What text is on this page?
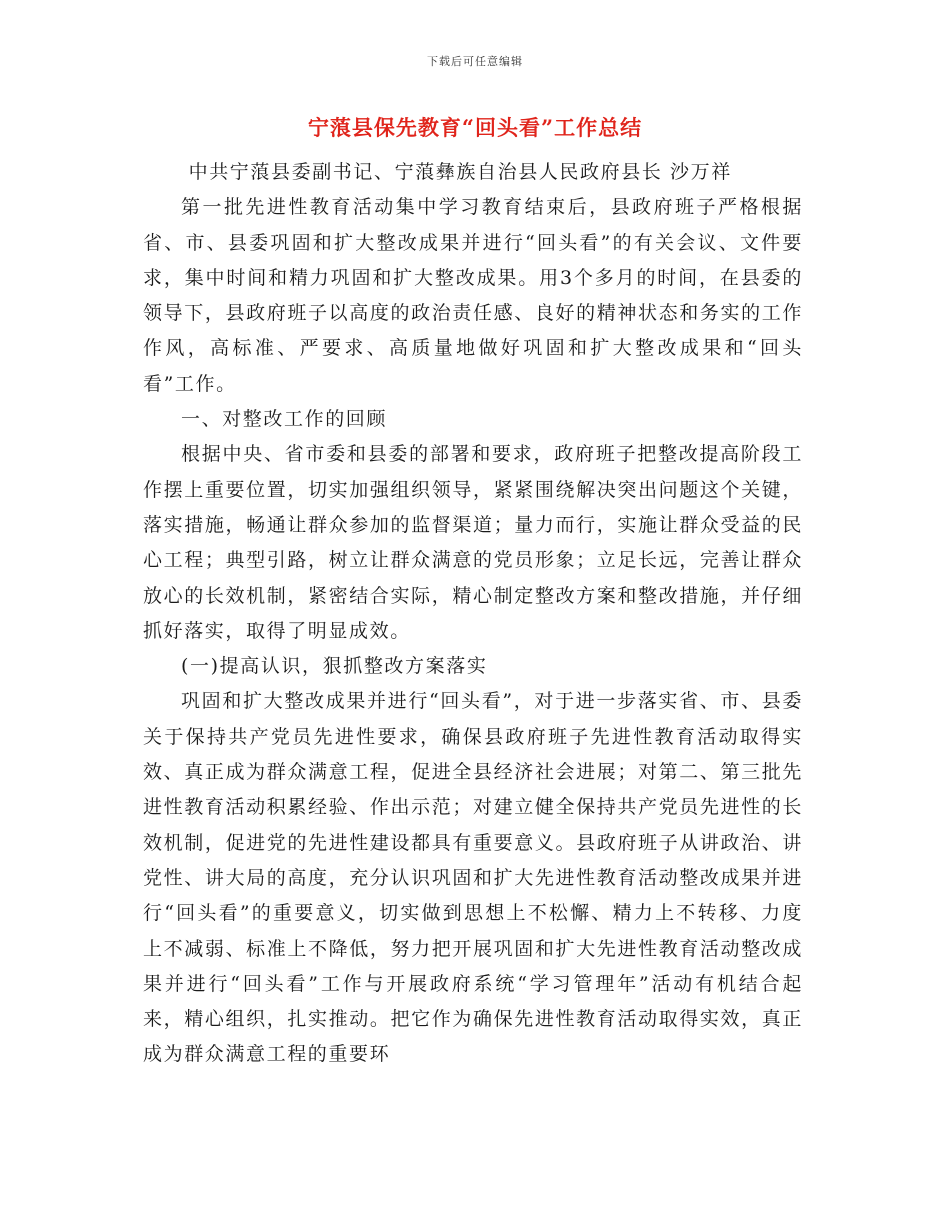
下载后可任意编辑
宁蒗县保先教育“回头看”工作总结

中共宁蒗县委副书记、宁蒗彝族自治县人民政府县长 沙万祥

第一批先进性教育活动集中学习教育结束后，县政府班子严格根据省、市、县委巩固和扩大整改成果并进行“回头看”的有关会议、文件要求，集中时间和精力巩固和扩大整改成果。用3个多月的时间，在县委的领导下，县政府班子以高度的政治责任感、良好的精神状态和务实的工作作风，高标准、严要求、高质量地做好巩固和扩大整改成果和“回头看”工作。

一、对整改工作的回顾

根据中央、省市委和县委的部署和要求，政府班子把整改提高阶段工作摆上重要位置，切实加强组织领导，紧紧围绕解决突出问题这个关键，落实措施，畅通让群众参加的监督渠道；量力而行，实施让群众受益的民心工程；典型引路，树立让群众满意的党员形象；立足长远，完善让群众放心的长效机制，紧密结合实际，精心制定整改方案和整改措施，并仔细抓好落实，取得了明显成效。

(一)提高认识，狠抓整改方案落实

巩固和扩大整改成果并进行“回头看”，对于进一步落实省、市、县委关于保持共产党员先进性要求，确保县政府班子先进性教育活动取得实效、真正成为群众满意工程，促进全县经济社会进展；对第二、第三批先进性教育活动积累经验、作出示范；对建立健全保持共产党员先进性的长效机制，促进党的先进性建设都具有重要意义。县政府班子从讲政治、讲党性、讲大局的高度，充分认识巩固和扩大先进性教育活动整改成果并进行“回头看”的重要意义，切实做到思想上不松懈、精力上不转移、力度上不减弱、标准上不降低，努力把开展巩固和扩大先进性教育活动整改成果并进行“回头看”工作与开展政府系统“学习管理年”活动有机结合起来，精心组织，扎实推动。把它作为确保先进性教育活动取得实效，真正成为群众满意工程的重要环
